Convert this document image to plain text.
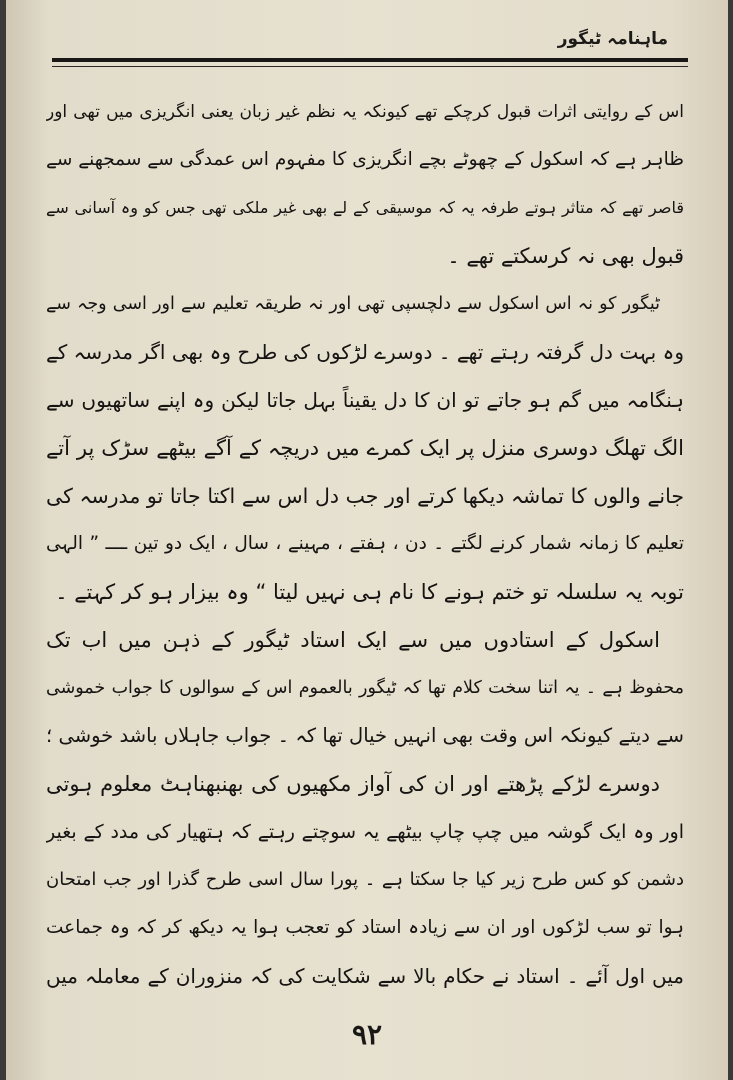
ماہنامہ ٹیگور
اس کے روایتی اثرات قبول کرچکے تھے کیونکہ یہ نظم غیر زبان یعنی انگریزی میں تھی اور
ظاہر ہے کہ اسکول کے چھوٹے بچے انگریزی کا مفہوم اس عمدگی سے سمجھنے سے
قاصر تھے کہ متاثر ہوتے طرفہ یہ کہ موسیقی کے لے بھی غیر ملکی تھی جس کو وہ آسانی سے
قبول بھی نہ کرسکتے تھے ۔
ٹیگور کو نہ اس اسکول سے دلچسپی تھی اور نہ طریقہ تعلیم سے اور اسی وجہ سے
وہ بہت دل گرفتہ رہتے تھے ۔ دوسرے لڑکوں کی طرح وہ بھی اگر مدرسہ کے
ہنگامہ میں گم ہو جاتے تو ان کا دل یقیناً بہل جاتا لیکن وہ اپنے ساتھیوں سے
الگ تھلگ دوسری منزل پر ایک کمرے میں دریچہ کے آگے بیٹھے سڑک پر آتے
جانے والوں کا تماشہ دیکھا کرتے اور جب دل اس سے اکتا جاتا تو مدرسہ کی
تعلیم کا زمانہ شمار کرنے لگتے ۔ دن ، ہفتے ، مہینے ، سال ، ایک دو تین ــــ ” الہی
توبہ یہ سلسلہ تو ختم ہونے کا نام ہی نہیں لیتا “ وہ بیزار ہو کر کہتے ۔
اسکول کے استادوں میں سے ایک استاد ٹیگور کے ذہن میں اب تک
محفوظ ہے ۔ یہ اتنا سخت کلام تھا کہ ٹیگور بالعموم اس کے سوالوں کا جواب خموشی
سے دیتے کیونکہ اس وقت بھی انہیں خیال تھا کہ ۔ جواب جاہلاں باشد خوشی ؛
دوسرے لڑکے پڑھتے اور ان کی آواز مکھیوں کی بھنبھناہٹ معلوم ہوتی
اور وہ ایک گوشہ میں چپ چاپ بیٹھے یہ سوچتے رہتے کہ ہتھیار کی مدد کے بغیر
دشمن کو کس طرح زیر کیا جا سکتا ہے ۔ پورا سال اسی طرح گذرا اور جب امتحان
ہوا تو سب لڑکوں اور ان سے زیادہ استاد کو تعجب ہوا یہ دیکھ کر کہ وہ جماعت
میں اول آئے ۔ استاد نے حکام بالا سے شکایت کی کہ منزوران کے معاملہ میں
۹۲
